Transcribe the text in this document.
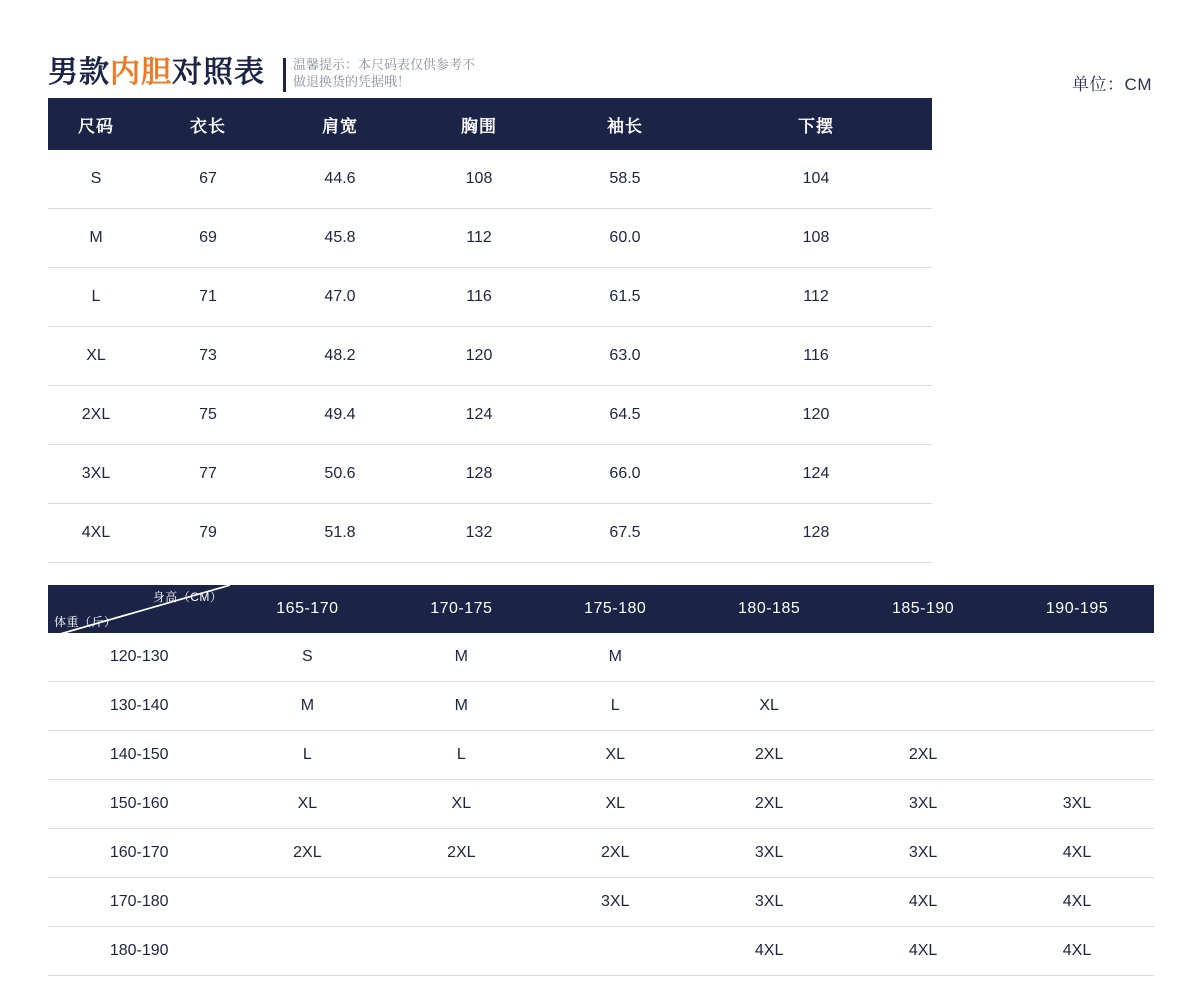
男款内胆对照表 温馨提示：本尺码表仅供参考不
做退换货的凭据哦！	单位：CM
尺码	衣长	肩宽	胸围	袖长	下摆
S	67	44.6	108	58.5	104
M	69	45.8	112	60.0	108
L	71	47.0	116	61.5	112
XL	73	48.2	120	63.0	116
2XL	75	49.4	124	64.5	120
3XL	77	50.6	128	66.0	124
4XL	79	51.8	132	67.5	128
身高（CM）
体重（斤）	165-170	170-175	175-180	180-185	185-190	190-195
120-130	S	M	M			
130-140	M	M	L	XL		
140-150	L	L	XL	2XL	2XL	
150-160	XL	XL	XL	2XL	3XL	3XL
160-170	2XL	2XL	2XL	3XL	3XL	4XL
170-180			3XL	3XL	4XL	4XL
180-190				4XL	4XL	4XL
